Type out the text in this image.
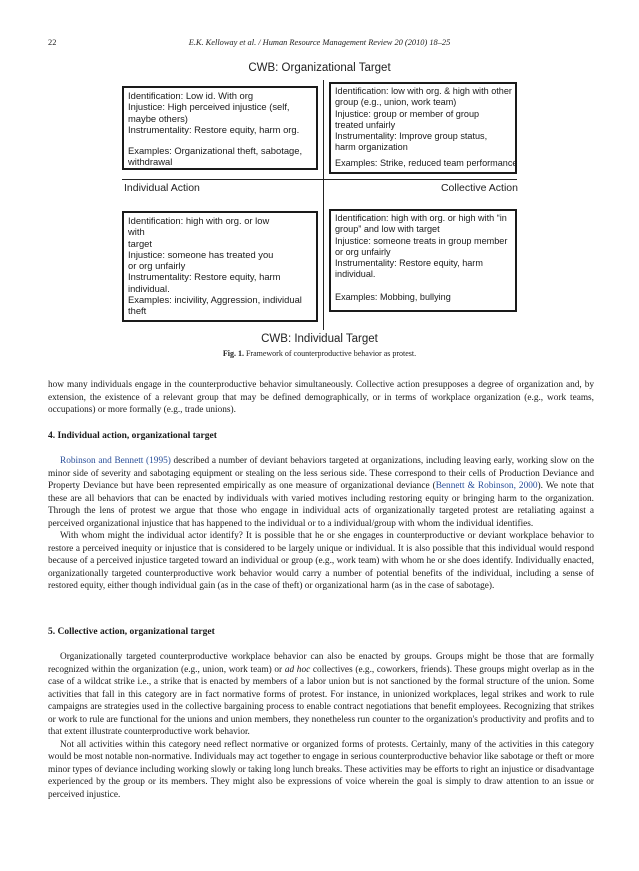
22	E.K. Kelloway et al. / Human Resource Management Review 20 (2010) 18–25
CWB: Organizational Target
Individual Action	Collective Action
Identification: Low id. With org
Injustice: High perceived injustice (self,
maybe others)
Instrumentality: Restore equity, harm org.
Examples: Organizational theft, sabotage,
withdrawal
Identification: low with org. & high with other
group (e.g., union, work team)
Injustice: group or member of group
treated unfairly
Instrumentality: Improve group status,
harm organization
Examples: Strike, reduced team performance
Identification: high with org. or low
with
target
Injustice: someone has treated you
or org unfairly
Instrumentality: Restore equity, harm
individual.
Examples: incivility, Aggression, individual
theft
Identification: high with org. or high with “in
group” and low with target
Injustice: someone treats in group member
or org unfairly
Instrumentality: Restore equity, harm
individual.
Examples: Mobbing, bullying
CWB: Individual Target
Fig. 1. Framework of counterproductive behavior as protest.

how many individuals engage in the counterproductive behavior simultaneously. Collective action presupposes a degree of organization and, by extension, the existence of a relevant group that may be defined demographically, or in terms of workplace organization (e.g., work teams, occupations) or more formally (e.g., trade unions).

4. Individual action, organizational target

Robinson and Bennett (1995) described a number of deviant behaviors targeted at organizations, including leaving early, working slow on the minor side of severity and sabotaging equipment or stealing on the less serious side. These correspond to their cells of Production Deviance and Property Deviance but have been represented empirically as one measure of organizational deviance (Bennett & Robinson, 2000). We note that these are all behaviors that can be enacted by individuals with varied motives including restoring equity or bringing harm to the organization. Through the lens of protest we argue that those who engage in individual acts of organizationally targeted protest are retaliating against a perceived organizational injustice that has happened to the individual or to a individual/group with whom the individual identifies.

With whom might the individual actor identify? It is possible that he or she engages in counterproductive or deviant workplace behavior to restore a perceived inequity or injustice that is considered to be largely unique or individual. It is also possible that this individual would respond because of a perceived injustice targeted toward an individual or group (e.g., work team) with whom he or she does identify. Individually enacted, organizationally targeted counterproductive work behavior would carry a number of potential benefits of the individual, including a sense of restored equity, either though individual gain (as in the case of theft) or organizational harm (as in the case of sabotage).

5. Collective action, organizational target

Organizationally targeted counterproductive workplace behavior can also be enacted by groups. Groups might be those that are formally recognized within the organization (e.g., union, work team) or ad hoc collectives (e.g., coworkers, friends). These groups might overlap as in the case of a wildcat strike i.e., a strike that is enacted by members of a labor union but is not sanctioned by the formal structure of the union. Some activities that fall in this category are in fact normative forms of protest. For instance, in unionized workplaces, legal strikes and work to rule campaigns are strategies used in the collective bargaining process to enable contract negotiations that benefit employees. Recognizing that strikes or work to rule are functional for the unions and union members, they nonetheless run counter to the organization's productivity and profits and to that extent illustrate counterproductive work behavior.

Not all activities within this category need reflect normative or organized forms of protests. Certainly, many of the activities in this category would be most notable non-normative. Individuals may act together to engage in serious counterproductive behavior like sabotage or theft or more minor types of deviance including working slowly or taking long lunch breaks. These activities may be efforts to right an injustice or disadvantage experienced by the group or its members. They might also be expressions of voice wherein the goal is simply to draw attention to an issue or perceived injustice.
